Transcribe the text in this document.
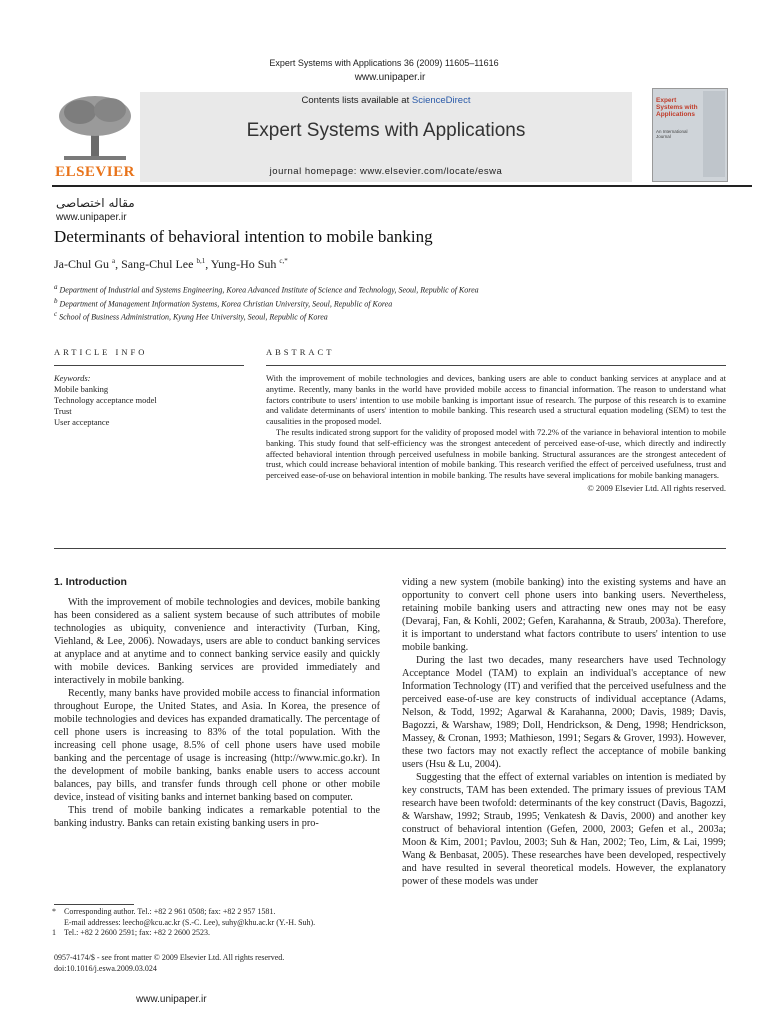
Expert Systems with Applications 36 (2009) 11605–11616
www.unipaper.ir
ELSEVIER
Contents lists available at ScienceDirect
Expert Systems with Applications
journal homepage: www.elsevier.com/locate/eswa
Expert Systems with Applications
An International Journal
مقاله اختصاصی
www.unipaper.ir
Determinants of behavioral intention to mobile banking
Ja-Chul Gu $^a$, Sang-Chul Lee $^{b,1}$, Yung-Ho Suh $^{c,*}$
$^a$ Department of Industrial and Systems Engineering, Korea Advanced Institute of Science and Technology, Seoul, Republic of Korea
$^b$ Department of Management Information Systems, Korea Christian University, Seoul, Republic of Korea
$^c$ School of Business Administration, Kyung Hee University, Seoul, Republic of Korea
ARTICLE INFO	ABSTRACT
Keywords:
Mobile banking
Technology acceptance model
Trust
User acceptance

With the improvement of mobile technologies and devices, banking users are able to conduct banking services at anyplace and at anytime. Recently, many banks in the world have provided mobile access to financial information. The reason to understand what factors contribute to users' intention to use mobile banking is important issue of research. The purpose of this research is to examine and validate determinants of users' intention to mobile banking. This research used a structural equation modeling (SEM) to test the causalities in the proposed model.

The results indicated strong support for the validity of proposed model with 72.2% of the variance in behavioral intention to mobile banking. This study found that self-efficiency was the strongest antecedent of perceived ease-of-use, which directly and indirectly affected behavioral intention through perceived usefulness in mobile banking. Structural assurances are the strongest antecedent of trust, which could increase behavioral intention of mobile banking. This research verified the effect of perceived usefulness, trust and perceived ease-of-use on behavioral intention in mobile banking. The results have several implications for mobile banking managers.

© 2009 Elsevier Ltd. All rights reserved.
1. Introduction

With the improvement of mobile technologies and devices, mobile banking has been considered as a salient system because of such attributes of mobile technologies as ubiquity, convenience and interactivity (Turban, King, Viehland, & Lee, 2006). Nowadays, users are able to conduct banking services at anyplace and at anytime and to connect banking service easily and quickly with mobile devices. Banking services are provided immediately and interactively in mobile banking.

Recently, many banks have provided mobile access to financial information throughout Europe, the United States, and Asia. In Korea, the presence of mobile technologies and devices has expanded dramatically. The percentage of cell phone users is increasing to 83% of the total population. With the increasing cell phone usage, 8.5% of cell phone users have used mobile banking and the percentage of usage is increasing (http://www.mic.go.kr). In the development of mobile banking, banks enable users to access account balances, pay bills, and transfer funds through cell phone or other mobile device, instead of visiting banks and internet banking based on computer.

This trend of mobile banking indicates a remarkable potential to the banking industry. Banks can retain existing banking users in pro-

viding a new system (mobile banking) into the existing systems and have an opportunity to convert cell phone users into banking users. Nevertheless, retaining mobile banking users and attracting new ones may not be easy (Devaraj, Fan, & Kohli, 2002; Gefen, Karahanna, & Straub, 2003a). Therefore, it is important to understand what factors contribute to users' intention to use mobile banking.

During the last two decades, many researchers have used Technology Acceptance Model (TAM) to explain an individual's acceptance of new Information Technology (IT) and verified that the perceived usefulness and the perceived ease-of-use are key constructs of individual acceptance (Adams, Nelson, & Todd, 1992; Agarwal & Karahanna, 2000; Davis, 1989; Davis, Bagozzi, & Warshaw, 1989; Doll, Hendrickson, & Deng, 1998; Hendrickson, Massey, & Cronan, 1993; Mathieson, 1991; Segars & Grover, 1993). However, these two factors may not exactly reflect the acceptance of mobile banking users (Hsu & Lu, 2004).

Suggesting that the effect of external variables on intention is mediated by key constructs, TAM has been extended. The primary issues of previous TAM research have been twofold: determinants of the key construct (Davis, Bagozzi, & Warshaw, 1992; Straub, 1995; Venkatesh & Davis, 2000) and another key construct of behavioral intention (Gefen, 2000, 2003; Gefen et al., 2003a; Moon & Kim, 2001; Pavlou, 2003; Suh & Han, 2002; Teo, Lim, & Lai, 1999; Wang & Benbasat, 2005). These researches have been developed, respectively and have resulted in several theoretical models. However, the explanatory power of these models was under

* Corresponding author. Tel.: +82 2 961 0508; fax: +82 2 957 1581.

E-mail addresses: leecho@kcu.ac.kr (S.-C. Lee), suhy@khu.ac.kr (Y.-H. Suh).

1 Tel.: +82 2 2600 2591; fax: +82 2 2600 2523.

0957-4174/$ - see front matter © 2009 Elsevier Ltd. All rights reserved.
doi:10.1016/j.eswa.2009.03.024
www.unipaper.ir
